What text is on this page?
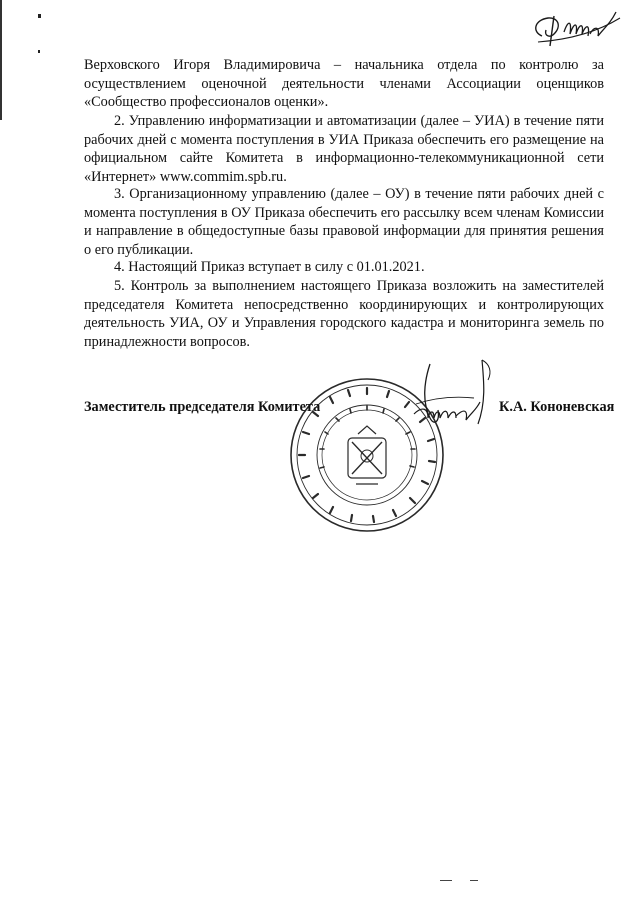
Верховского Игоря Владимировича – начальника отдела по контролю за осуществлением оценочной деятельности членами Ассоциации оценщиков «Сообщество профессионалов оценки».

2. Управлению информатизации и автоматизации (далее – УИА) в течение пяти рабочих дней с момента поступления в УИА Приказа обеспечить его размещение на официальном сайте Комитета в информационно-телекоммуникационной сети «Интернет» www.commim.spb.ru.

3. Организационному управлению (далее – ОУ) в течение пяти рабочих дней с момента поступления в ОУ Приказа обеспечить его рассылку всем членам Комиссии и направление в общедоступные базы правовой информации для принятия решения о его публикации.

4. Настоящий Приказ вступает в силу с 01.01.2021.

5. Контроль за выполнением настоящего Приказа возложить на заместителей председателя Комитета непосредственно координирующих и контролирующих деятельность УИА, ОУ и Управления городского кадастра и мониторинга земель по принадлежности вопросов.

Заместитель председателя Комитета	К.А. Кононевская
